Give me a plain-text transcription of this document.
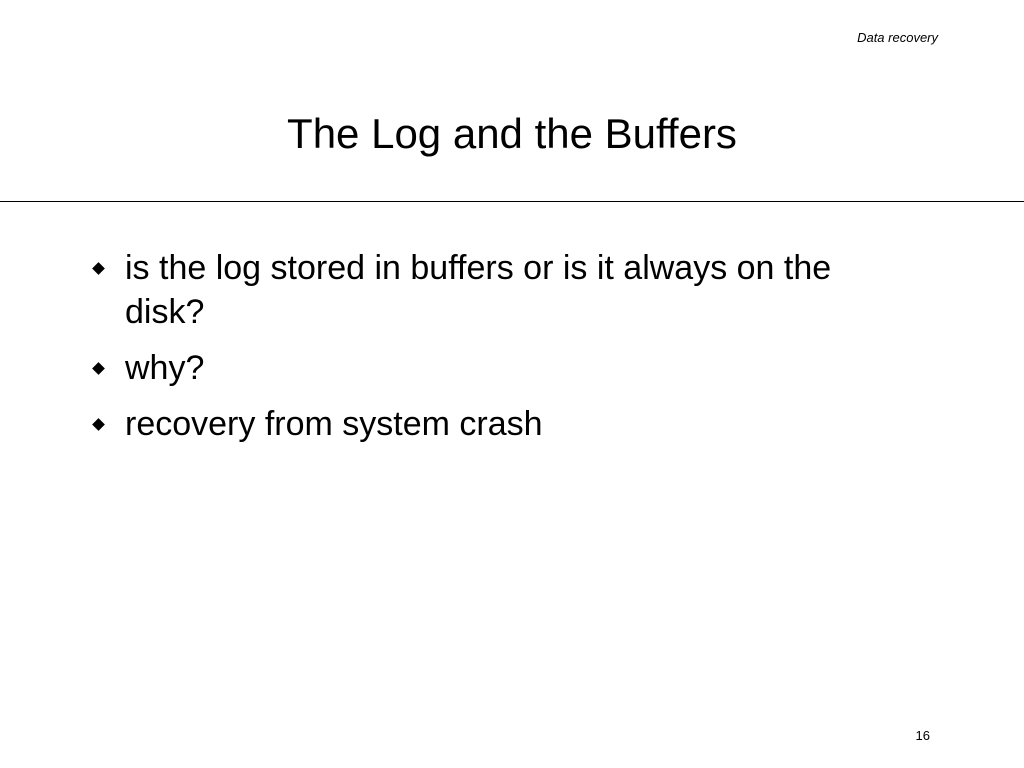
Data recovery
The Log and the Buffers
is the log stored in buffers or is it always on the disk?
why?
recovery from system crash
16
